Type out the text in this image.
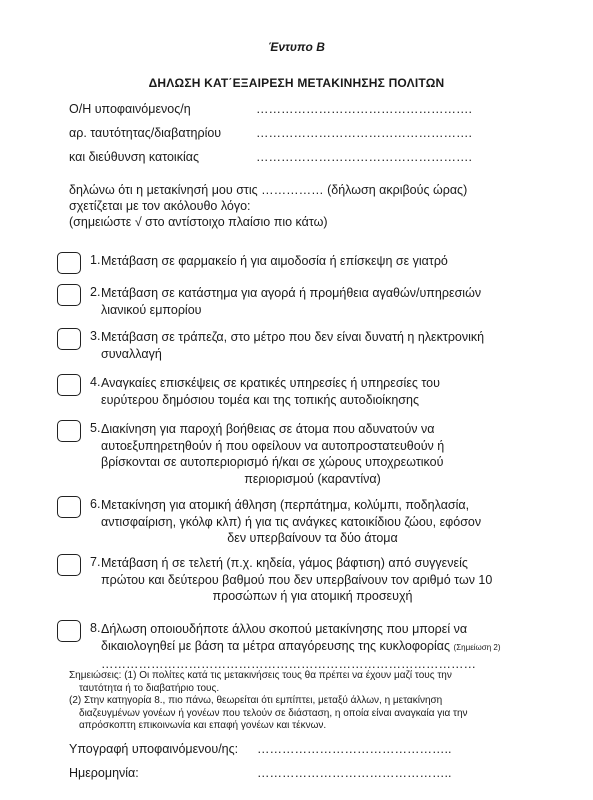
Έντυπο Β
ΔΗΛΩΣΗ ΚΑΤ΄ΕΞΑΙΡΕΣΗ ΜΕΤΑΚΙΝΗΣΗΣ ΠΟΛΙΤΩΝ
Ο/Η υποφαινόμενος/η	…………………………………………….
αρ. ταυτότητας/διαβατηρίου	…………………………………………….
και διεύθυνση κατοικίας	…………………………………………….
δηλώνω ότι η μετακίνησή μου στις …………… (δήλωση ακριβούς ώρας)
σχετίζεται με τον ακόλουθο λόγο:
(σημειώστε √ στο αντίστοιχο πλαίσιο πιο κάτω)
1. Μετάβαση σε φαρμακείο ή για αιμοδοσία ή επίσκεψη σε γιατρό
2. Μετάβαση σε κατάστημα για αγορά ή προμήθεια αγαθών/υπηρεσιών
λιανικού εμπορίου
3. Μετάβαση σε τράπεζα, στο μέτρο που δεν είναι δυνατή η ηλεκτρονική
συναλλαγή
4. Αναγκαίες επισκέψεις σε κρατικές υπηρεσίες ή υπηρεσίες του
ευρύτερου δημόσιου τομέα και της τοπικής αυτοδιοίκησης
5. Διακίνηση για παροχή βοήθειας σε άτομα που αδυνατούν να
αυτοεξυπηρετηθούν ή που οφείλουν να αυτοπροστατευθούν ή
βρίσκονται σε αυτοπεριορισμό ή/και σε χώρους υποχρεωτικού
περιορισμού (καραντίνα)
6. Μετακίνηση για ατομική άθληση (περπάτημα, κολύμπι, ποδηλασία,
αντισφαίριση, γκόλφ κλπ) ή για τις ανάγκες κατοικίδιου ζώου, εφόσον
δεν υπερβαίνουν τα δύο άτομα
7. Μετάβαση ή σε τελετή (π.χ. κηδεία, γάμος βάφτιση) από συγγενείς
πρώτου και δεύτερου βαθμού που δεν υπερβαίνουν τον αριθμό των 10
προσώπων ή για ατομική προσευχή
8. Δήλωση οποιουδήποτε άλλου σκοπού μετακίνησης που μπορεί να
δικαιολογηθεί με βάση τα μέτρα απαγόρευσης της κυκλοφορίας (Σημείωση 2)
………………………………………………………………………………
Σημειώσεις: (1) Οι πολίτες κατά τις μετακινήσεις τους θα πρέπει να έχουν μαζί τους την
ταυτότητα ή το διαβατήριο τους.
(2) Στην κατηγορία 8., πιο πάνω, θεωρείται ότι εμπίπτει, μεταξύ άλλων, η μετακίνηση
διαζευγμένων γονέων ή γονέων που τελούν σε διάσταση, η οποία είναι αναγκαία για την
απρόσκοπτη επικοινωνία και επαφή γονέων και τέκνων.
Υπογραφή υποφαινόμενου/ης: ………………………………………..
Ημερομηνία:	………………………………………..
